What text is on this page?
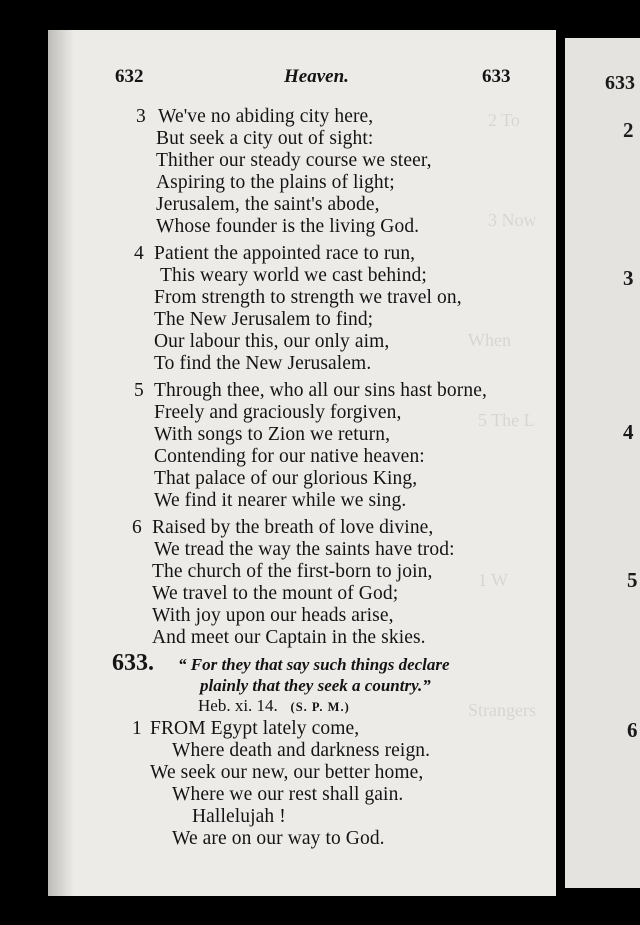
633
2
3
4
5
6
2 To
3 Now
When
5 The L
1 W
Strangers
632	Heaven.	633
3 We've no abiding city here,
But seek a city out of sight:
Thither our steady course we steer,
Aspiring to the plains of light;
Jerusalem, the saint's abode,
Whose founder is the living God.
4 Patient the appointed race to run,
This weary world we cast behind;
From strength to strength we travel on,
The New Jerusalem to find;
Our labour this, our only aim,
To find the New Jerusalem.
5 Through thee, who all our sins hast borne,
Freely and graciously forgiven,
With songs to Zion we return,
Contending for our native heaven:
That palace of our glorious King,
We find it nearer while we sing.
6 Raised by the breath of love divine,
We tread the way the saints have trod:
The church of the first-born to join,
We travel to the mount of God;
With joy upon our heads arise,
And meet our Captain in the skies.
633. “ For they that say such things declare
plainly that they seek a country.”
Heb. xi. 14. (S. P. M.)
1 FROM Egypt lately come,
Where death and darkness reign.
We seek our new, our better home,
Where we our rest shall gain.
Hallelujah !
We are on our way to God.
